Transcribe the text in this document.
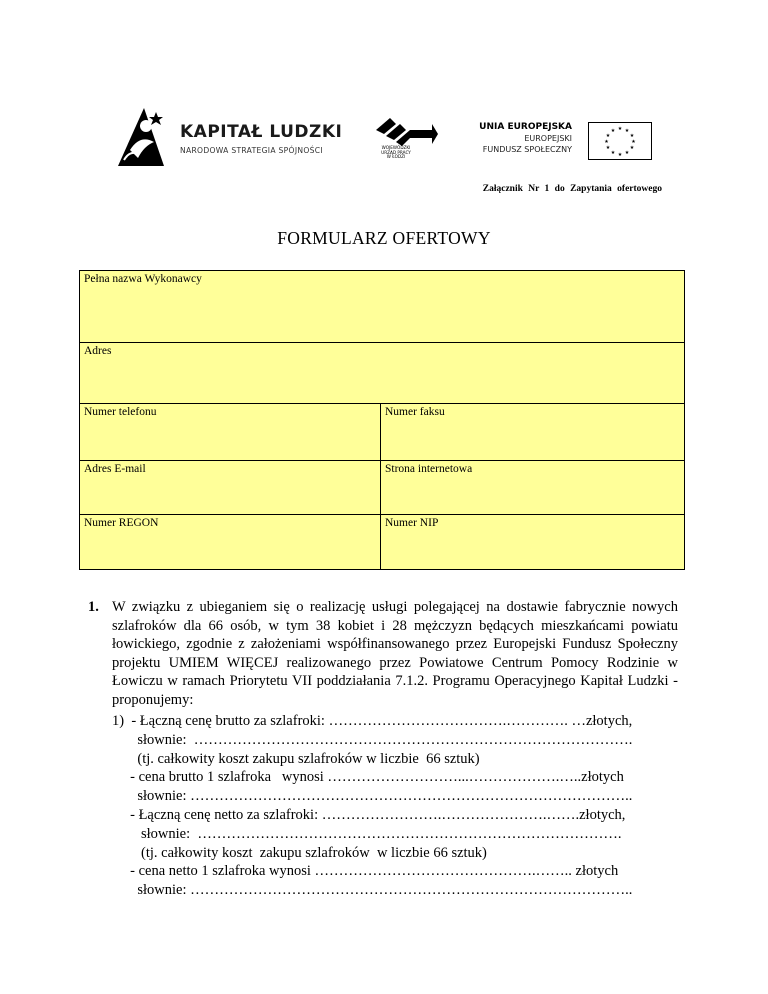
KAPITAŁ LUDZKI
NARODOWA STRATEGIA SPÓJNOŚCI	WOJEWÓDZKI
URZĄD PRACY
W ŁODZI
UNIA EUROPEJSKA
EUROPEJSKI
FUNDUSZ SPOŁECZNY
★ ★
★
★
★
★
★
★
★
★
★
★
Załącznik Nr 1 do Zapytania ofertowego
FORMULARZ OFERTOWY
Pełna nazwa Wykonawcy	
Adres	
Numer telefonu	Numer faksu
Adres E-mail	Strona internetowa
Numer REGON	Numer NIP
1. W związku z ubieganiem się o realizację usługi polegającej na dostawie fabrycznie nowych szlafroków dla 66 osób, w tym 38 kobiet i 28 mężczyzn będących mieszkańcami powiatu łowickiego, zgodnie z założeniami współfinansowanego przez Europejski Fundusz Społeczny projektu UMIEM WIĘCEJ realizowanego przez Powiatowe Centrum Pomocy Rodzinie w Łowiczu w ramach Priorytetu VII poddziałania 7.1.2. Programu Operacyjnego Kapitał Ludzki - proponujemy:
1)  - Łączną cenę brutto za szlafroki: ……………………………….…………. …złotych,
słownie:  ……………………………………………………………………………….
(tj. całkowity koszt zakupu szlafroków w liczbie  66 sztuk)
- cena brutto 1 szlafroka   wynosi ………………………...……………….…..złotych
słownie: ………………………………………………………………………………..
- Łączną cenę netto za szlafroki: …………………….………………….…….złotych,
słownie:  …………………………………………………………………………….
(tj. całkowity koszt  zakupu szlafroków  w liczbie 66 sztuk)
- cena netto 1 szlafroka wynosi ……………………………………….…….. złotych
słownie: ………………………………………………………………………………..
